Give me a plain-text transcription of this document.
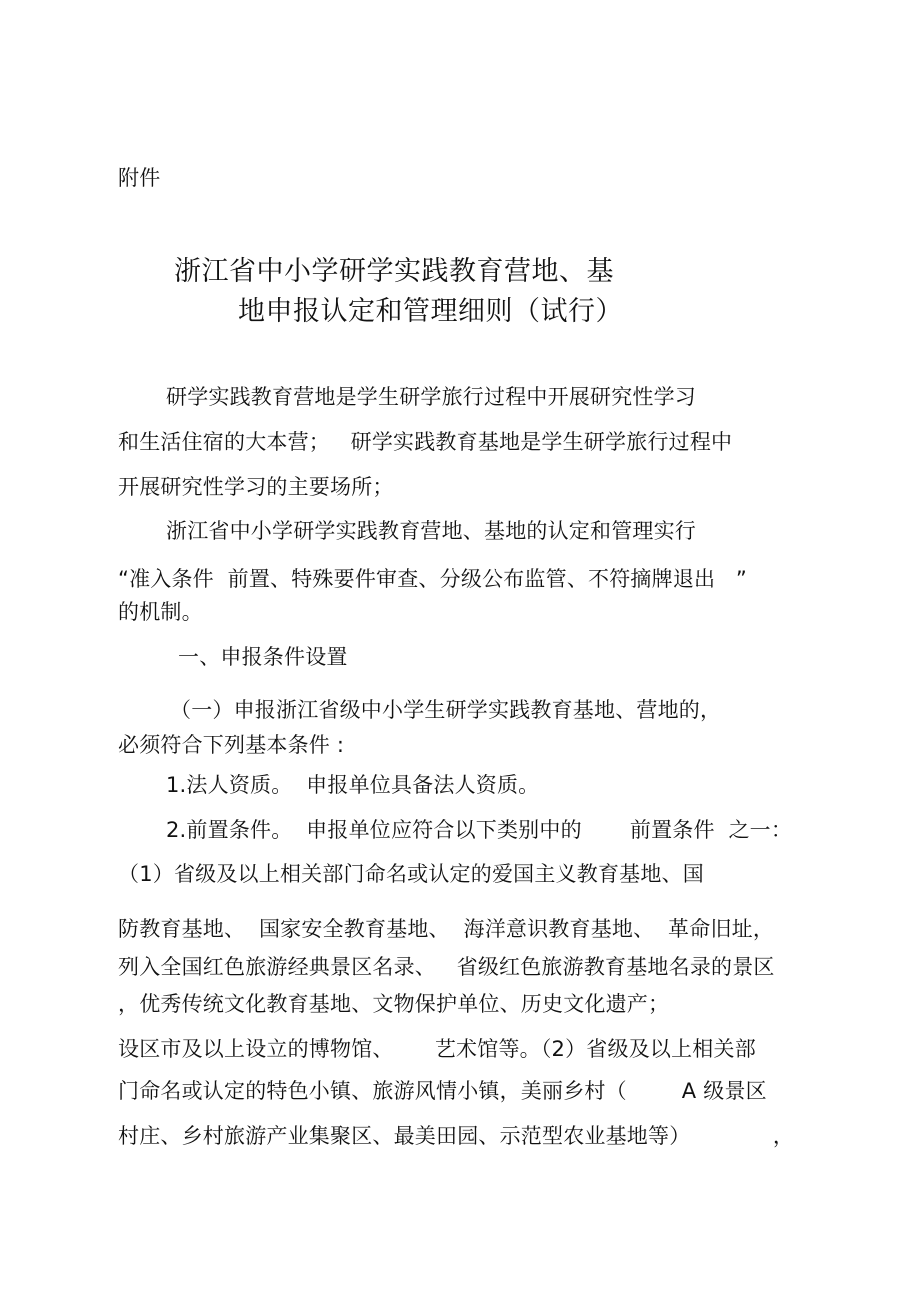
附件
浙江省中小学研学实践教育营地、基
地申报认定和管理细则（试行）
研学实践教育营地是学生研学旅行过程中开展研究性学习
和生活住宿的大本营；   研学实践教育基地是学生研学旅行过程中
开展研究性学习的主要场所；
浙江省中小学研学实践教育营地、基地的认定和管理实行
“准入条件  前置、特殊要件审查、分级公布监管、不符摘牌退出   ”
的机制。
一、申报条件设置
（一）申报浙江省级中小学生研学实践教育基地、营地的，
必须符合下列基本条件 :
1.法人资质。  申报单位具备法人资质。
2.前置条件。  申报单位应符合以下类别中的       前置条件  之一：
（1）省级及以上相关部门命名或认定的爱国主义教育基地、国
防教育基地、  国家安全教育基地、  海洋意识教育基地、  革命旧址，
列入全国红色旅游经典景区名录、   省级红色旅游教育基地名录的景区
，优秀传统文化教育基地、文物保护单位、历史文化遗产；
设区市及以上设立的博物馆、      艺术馆等。（2）省级及以上相关部
门命名或认定的特色小镇、旅游风情小镇，美丽乡村（        A 级景区
村庄、乡村旅游产业集聚区、最美田园、示范型农业基地等）            ，
